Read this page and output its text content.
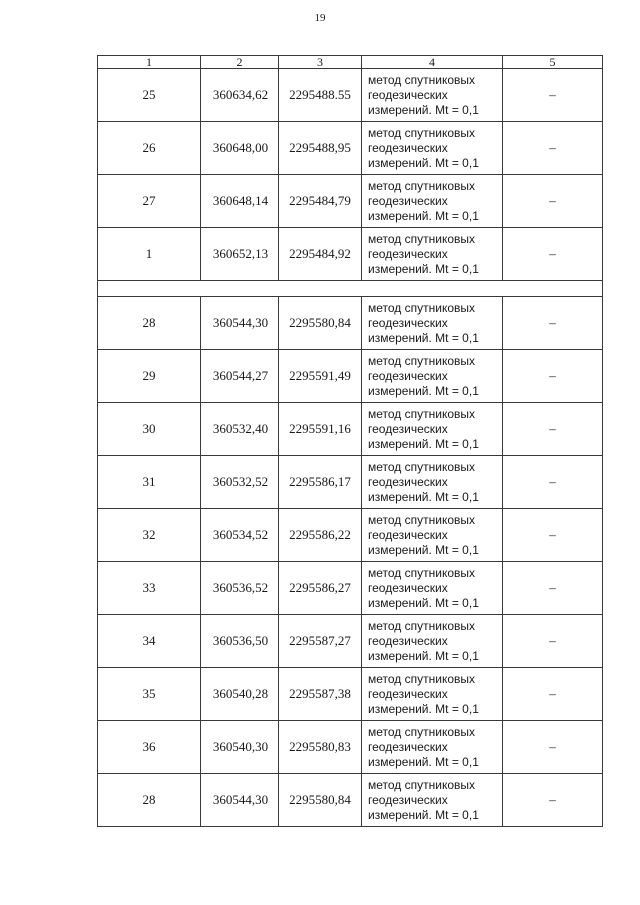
19
1	2	3	4	5
25	360634,62	2295488.55	метод спутниковых
геодезических
измерений. Mt = 0,1	–
26	360648,00	2295488,95	метод спутниковых
геодезических
измерений. Mt = 0,1	–
27	360648,14	2295484,79	метод спутниковых
геодезических
измерений. Mt = 0,1	–
1	360652,13	2295484,92	метод спутниковых
геодезических
измерений. Mt = 0,1	–

28	360544,30	2295580,84	метод спутниковых
геодезических
измерений. Mt = 0,1	–
29	360544,27	2295591,49	метод спутниковых
геодезических
измерений. Mt = 0,1	–
30	360532,40	2295591,16	метод спутниковых
геодезических
измерений. Mt = 0,1	–
31	360532,52	2295586,17	метод спутниковых
геодезических
измерений. Mt = 0,1	–
32	360534,52	2295586,22	метод спутниковых
геодезических
измерений. Mt = 0,1	–
33	360536,52	2295586,27	метод спутниковых
геодезических
измерений. Mt = 0,1	–
34	360536,50	2295587,27	метод спутниковых
геодезических
измерений. Mt = 0,1	–
35	360540,28	2295587,38	метод спутниковых
геодезических
измерений. Mt = 0,1	–
36	360540,30	2295580,83	метод спутниковых
геодезических
измерений. Mt = 0,1	–
28	360544,30	2295580,84	метод спутниковых
геодезических
измерений. Mt = 0,1	–
